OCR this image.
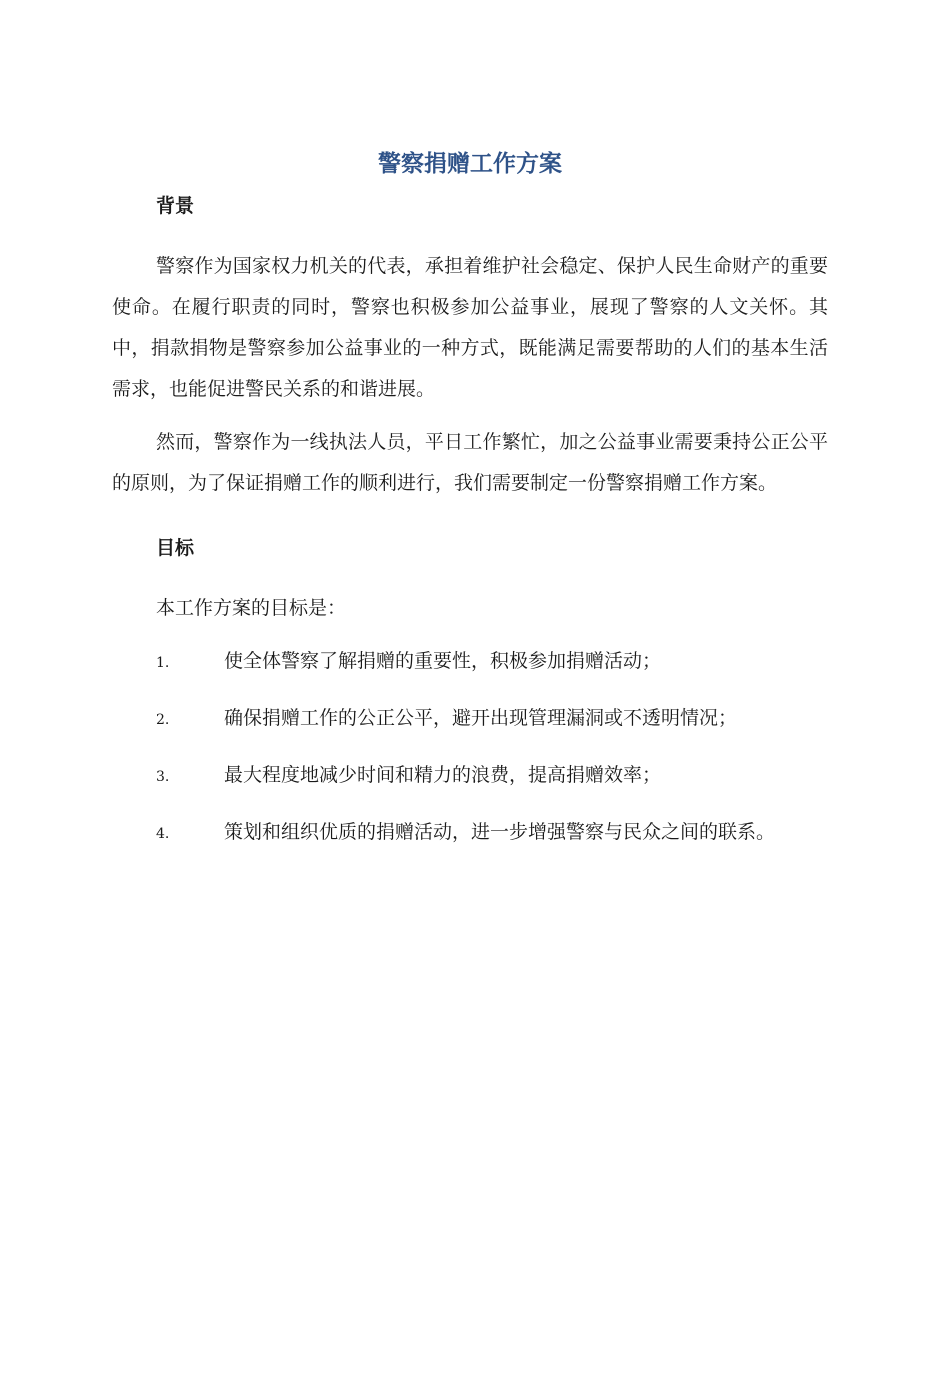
警察捐赠工作方案
背景

警察作为国家权力机关的代表，承担着维护社会稳定、保护人民生命财产的重要使命。在履行职责的同时，警察也积极参加公益事业，展现了警察的人文关怀。其中，捐款捐物是警察参加公益事业的一种方式，既能满足需要帮助的人们的基本生活需求，也能促进警民关系的和谐进展。

然而，警察作为一线执法人员，平日工作繁忙，加之公益事业需要秉持公正公平的原则，为了保证捐赠工作的顺利进行，我们需要制定一份警察捐赠工作方案。

目标

本工作方案的目标是：

1.	使全体警察了解捐赠的重要性，积极参加捐赠活动；
2.	确保捐赠工作的公正公平，避开出现管理漏洞或不透明情况；
3.	最大程度地减少时间和精力的浪费，提高捐赠效率；
4.	策划和组织优质的捐赠活动，进一步增强警察与民众之间的联系。
